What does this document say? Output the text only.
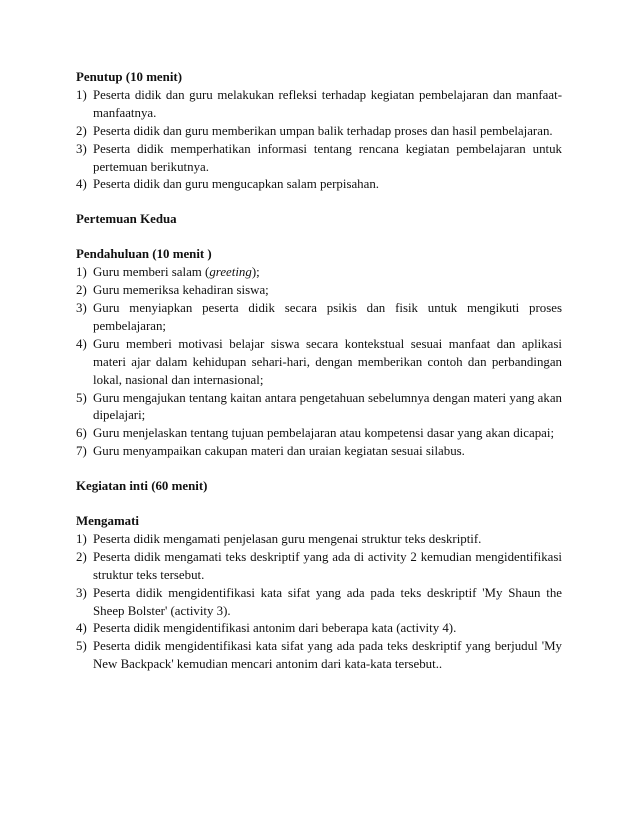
Penutup (10 menit)

1) Peserta didik dan guru melakukan refleksi terhadap kegiatan pembelajaran dan manfaat-manfaatnya.
2) Peserta didik dan guru memberikan umpan balik terhadap proses dan hasil pembelajaran.
3) Peserta didik memperhatikan informasi tentang rencana kegiatan pembelajaran untuk pertemuan berikutnya.
4) Peserta didik dan guru mengucapkan salam perpisahan.

Pertemuan Kedua

Pendahuluan (10 menit )

1) Guru memberi salam (greeting);
2) Guru memeriksa kehadiran siswa;
3) Guru menyiapkan peserta didik secara psikis dan fisik untuk mengikuti proses pembelajaran;
4) Guru memberi motivasi belajar siswa secara kontekstual sesuai manfaat dan aplikasi materi ajar dalam kehidupan sehari-hari, dengan memberikan contoh dan perbandingan lokal, nasional dan internasional;
5) Guru mengajukan tentang kaitan antara pengetahuan sebelumnya dengan materi yang akan dipelajari;
6) Guru menjelaskan tentang tujuan pembelajaran atau kompetensi dasar yang akan dicapai;
7) Guru menyampaikan cakupan materi dan uraian kegiatan sesuai silabus.

Kegiatan inti (60 menit)

Mengamati

1) Peserta didik mengamati penjelasan guru mengenai struktur teks deskriptif.
2) Peserta didik mengamati teks deskriptif yang ada di activity 2 kemudian mengidentifikasi struktur teks tersebut.
3) Peserta didik mengidentifikasi kata sifat yang ada pada teks deskriptif 'My Shaun the Sheep Bolster' (activity 3).
4) Peserta didik mengidentifikasi antonim dari beberapa kata (activity 4).
5) Peserta didik mengidentifikasi kata sifat yang ada pada teks deskriptif yang berjudul 'My New Backpack' kemudian mencari antonim dari kata-kata tersebut..
